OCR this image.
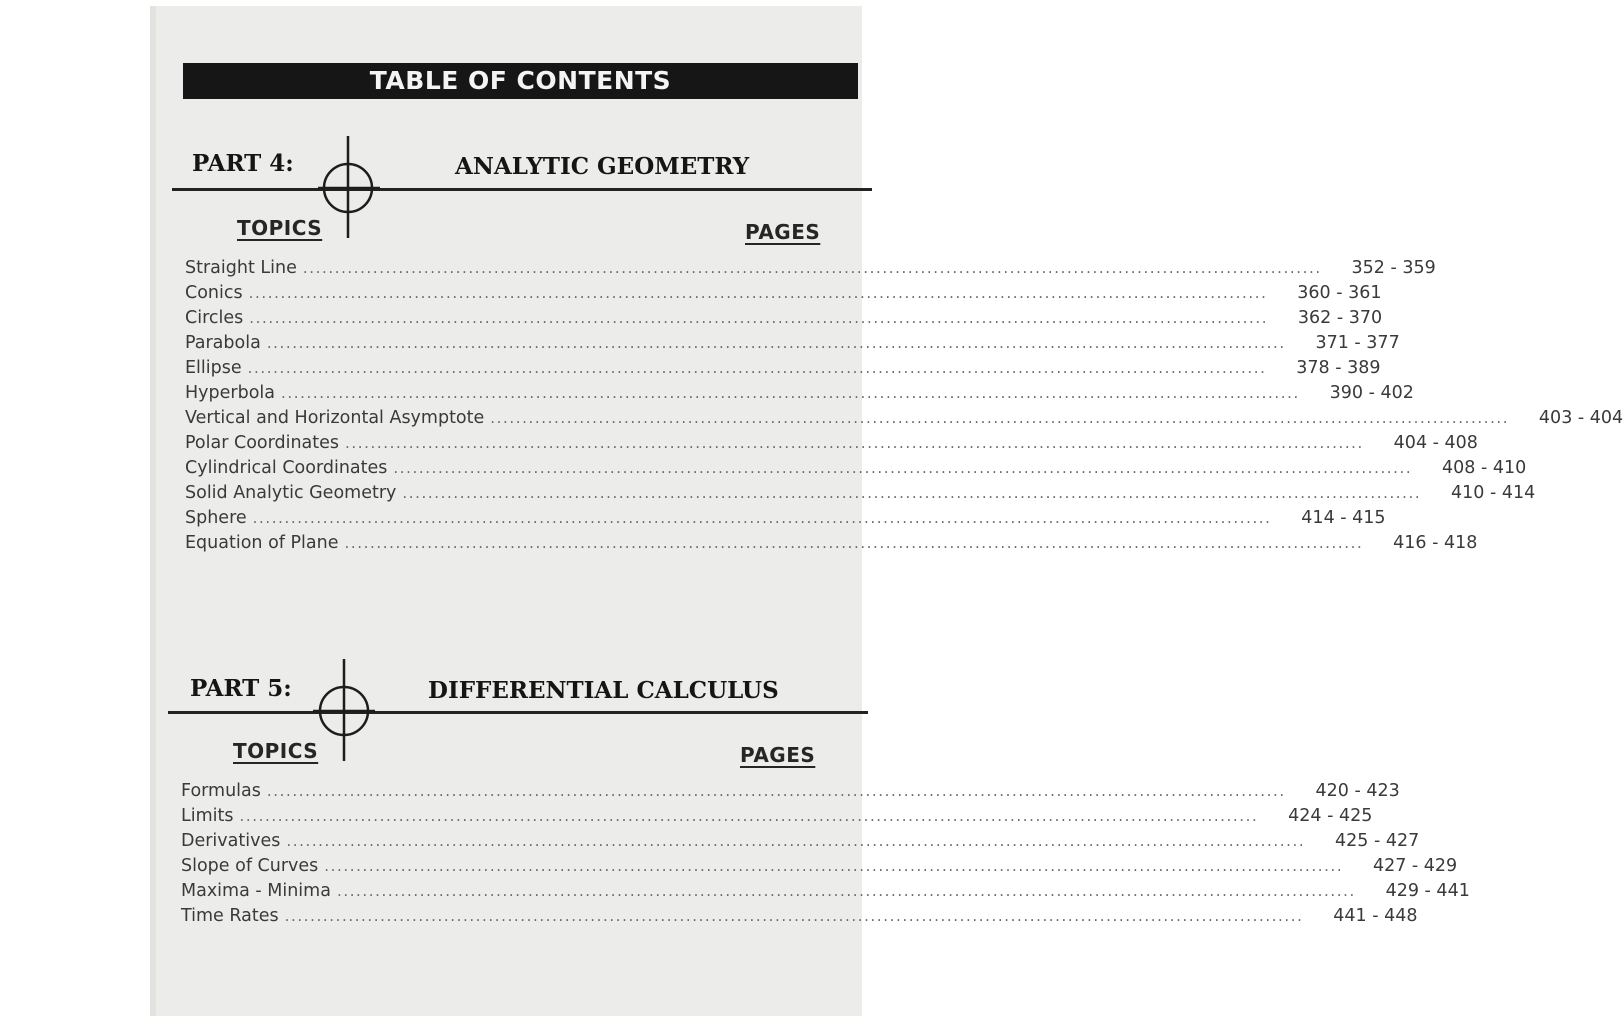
TABLE OF CONTENTS
PART 4:	ANALYTIC GEOMETRY
TOPICS	PAGES
Straight Line ................................................................................................................................................................	352 - 359
Conics ................................................................................................................................................................	360 - 361
Circles ................................................................................................................................................................	362 - 370
Parabola ................................................................................................................................................................	371 - 377
Ellipse ................................................................................................................................................................	378 - 389
Hyperbola ................................................................................................................................................................	390 - 402
Vertical and Horizontal Asymptote ................................................................................................................................................................	403 - 404
Polar Coordinates ................................................................................................................................................................	404 - 408
Cylindrical Coordinates ................................................................................................................................................................	408 - 410
Solid Analytic Geometry ................................................................................................................................................................	410 - 414
Sphere ................................................................................................................................................................	414 - 415
Equation of Plane ................................................................................................................................................................	416 - 418
PART 5:	DIFFERENTIAL CALCULUS
TOPICS	PAGES
Formulas ................................................................................................................................................................	420 - 423
Limits ................................................................................................................................................................	424 - 425
Derivatives ................................................................................................................................................................	425 - 427
Slope of Curves ................................................................................................................................................................	427 - 429
Maxima - Minima ................................................................................................................................................................	429 - 441
Time Rates ................................................................................................................................................................	441 - 448
